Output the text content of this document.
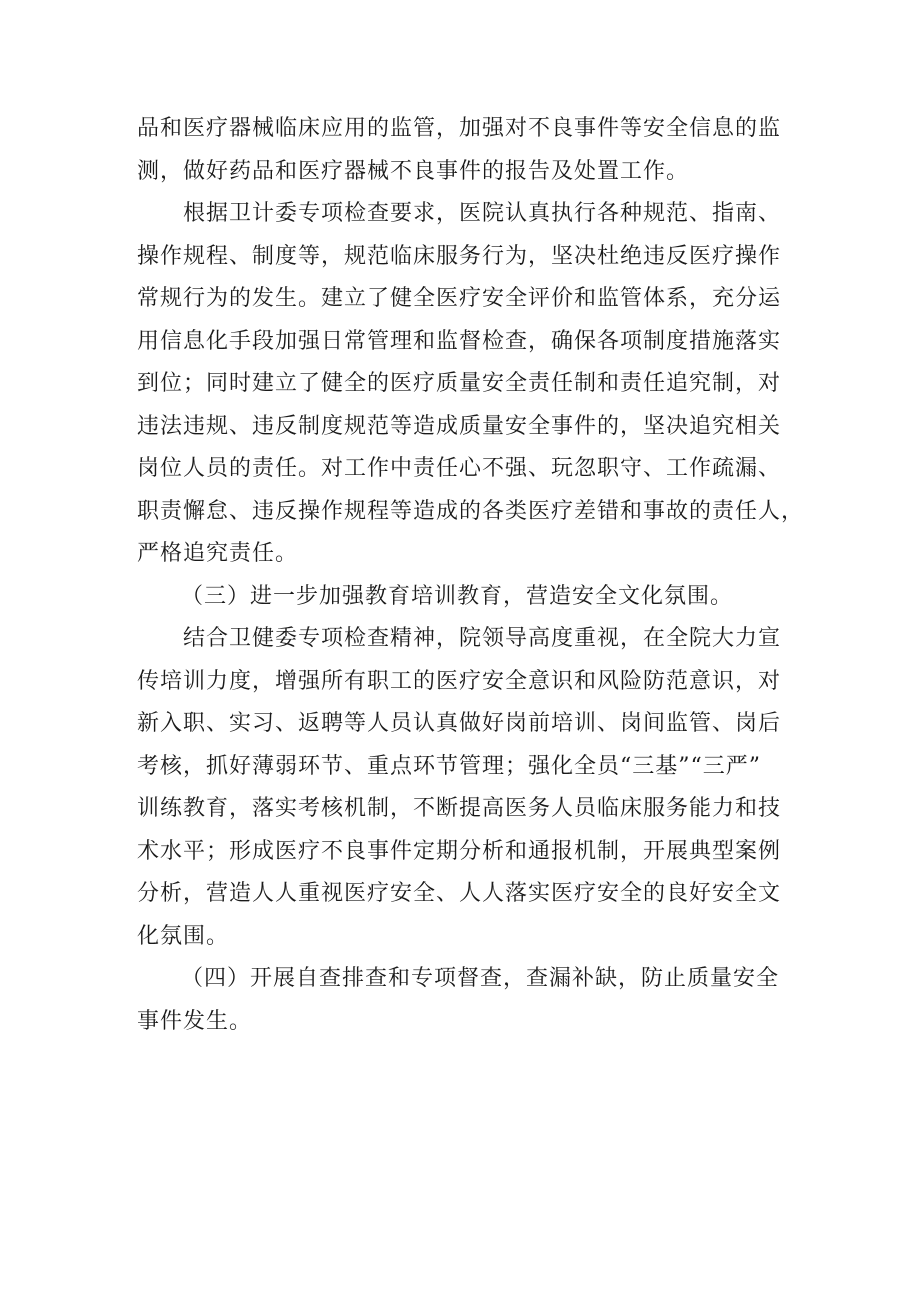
品和医疗器械临床应用的监管，加强对不良事件等安全信息的监
测，做好药品和医疗器械不良事件的报告及处置工作。
根据卫计委专项检查要求，医院认真执行各种规范、指南、
操作规程、制度等，规范临床服务行为，坚决杜绝违反医疗操作
常规行为的发生。建立了健全医疗安全评价和监管体系，充分运
用信息化手段加强日常管理和监督检查，确保各项制度措施落实
到位；同时建立了健全的医疗质量安全责任制和责任追究制，对
违法违规、违反制度规范等造成质量安全事件的，坚决追究相关
岗位人员的责任。对工作中责任心不强、玩忽职守、工作疏漏、
职责懈怠、违反操作规程等造成的各类医疗差错和事故的责任人，
严格追究责任。
（三）进一步加强教育培训教育，营造安全文化氛围。
结合卫健委专项检查精神，院领导高度重视，在全院大力宣
传培训力度，增强所有职工的医疗安全意识和风险防范意识，对
新入职、实习、返聘等人员认真做好岗前培训、岗间监管、岗后
考核，抓好薄弱环节、重点环节管理；强化全员“三基”“三严”
训练教育，落实考核机制，不断提高医务人员临床服务能力和技
术水平；形成医疗不良事件定期分析和通报机制，开展典型案例
分析，营造人人重视医疗安全、人人落实医疗安全的良好安全文
化氛围。
（四）开展自查排查和专项督查，查漏补缺，防止质量安全
事件发生。
